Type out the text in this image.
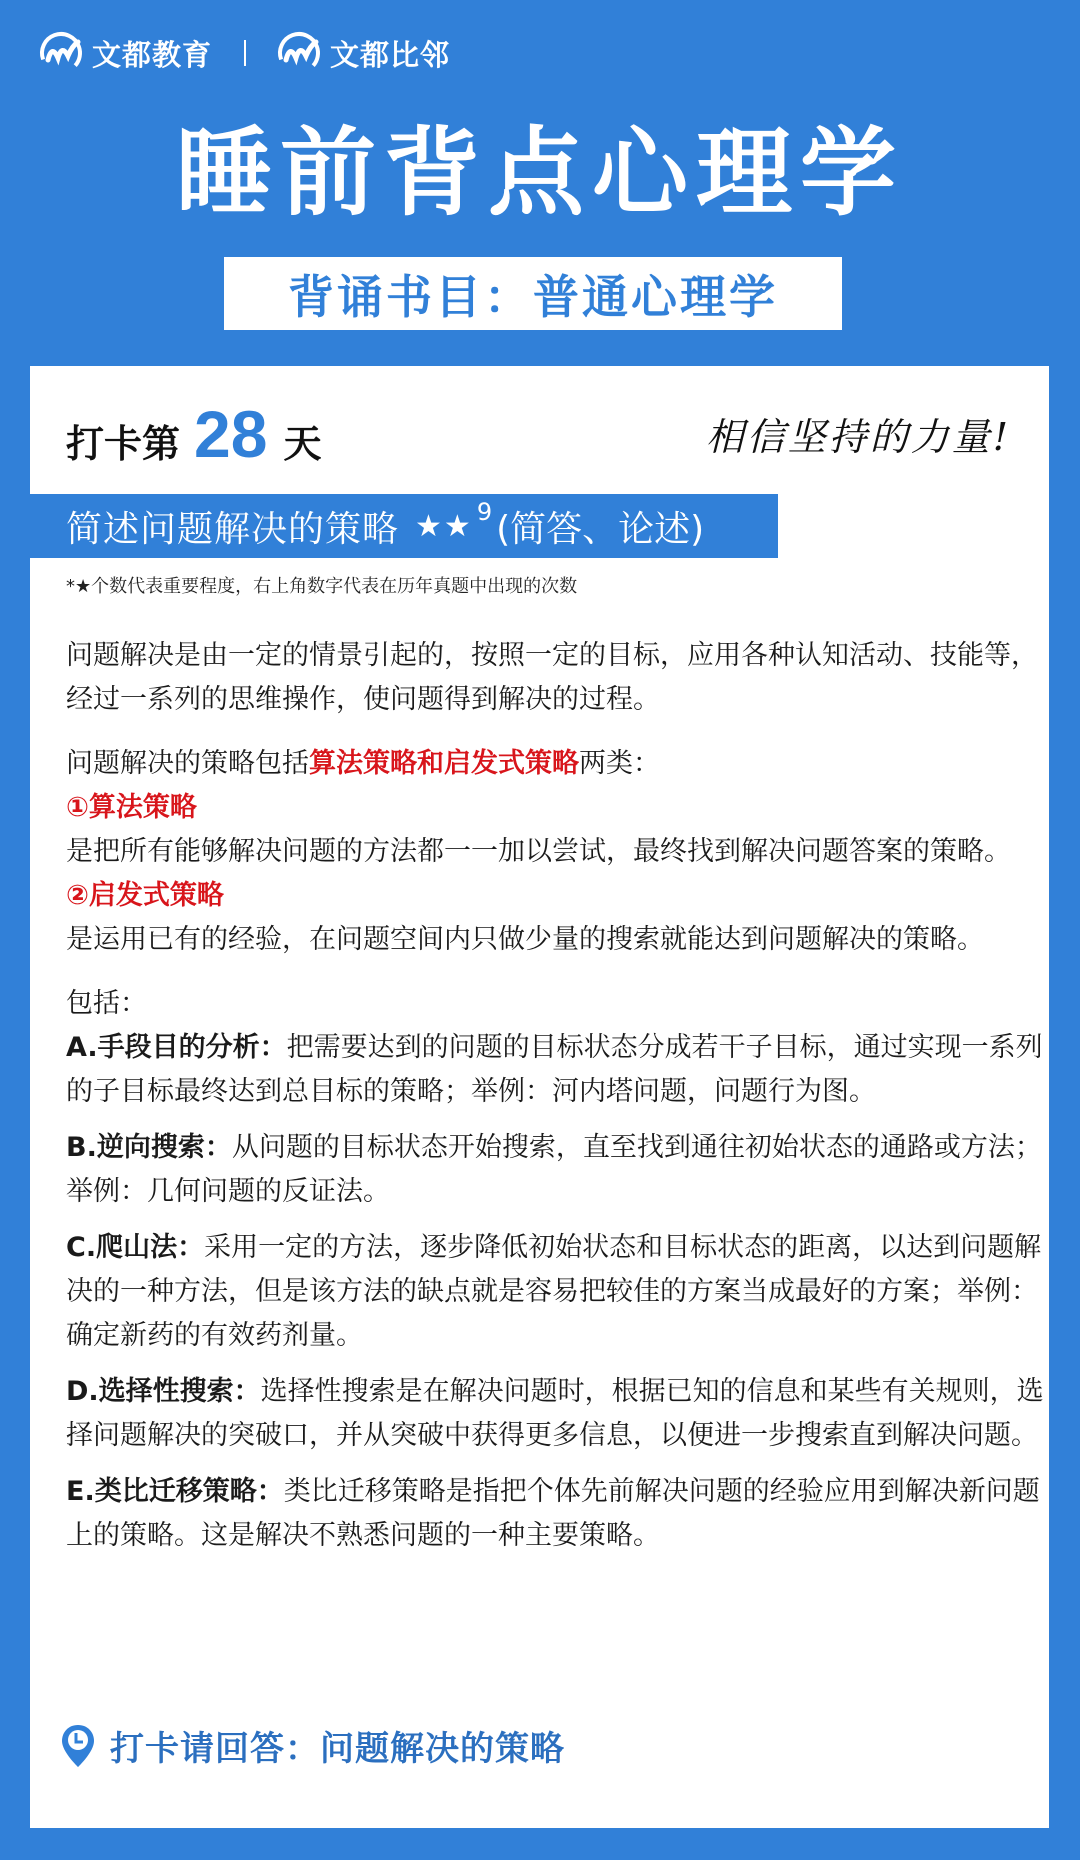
文都教育	文都比邻
睡前背点心理学
背诵书目：普通心理学
打卡第 28 天	相信坚持的力量!
简述问题解决的策略 ★★ 9 (简答、论述)
*★个数代表重要程度，右上角数字代表在历年真题中出现的次数

问题解决是由一定的情景引起的，按照一定的目标，应用各种认知活动、技能等，经过一系列的思维操作，使问题得到解决的过程。

问题解决的策略包括算法策略和启发式策略两类：

①算法策略

是把所有能够解决问题的方法都一一加以尝试，最终找到解决问题答案的策略。

②启发式策略

是运用已有的经验，在问题空间内只做少量的搜索就能达到问题解决的策略。

包括：

A.手段目的分析：把需要达到的问题的目标状态分成若干子目标，通过实现一系列的子目标最终达到总目标的策略；举例：河内塔问题，问题行为图。

B.逆向搜索：从问题的目标状态开始搜索，直至找到通往初始状态的通路或方法；举例：几何问题的反证法。

C.爬山法：采用一定的方法，逐步降低初始状态和目标状态的距离，以达到问题解决的一种方法，但是该方法的缺点就是容易把较佳的方案当成最好的方案；举例：确定新药的有效药剂量。

D.选择性搜索：选择性搜索是在解决问题时，根据已知的信息和某些有关规则，选择问题解决的突破口，并从突破中获得更多信息，以便进一步搜索直到解决问题。

E.类比迁移策略：类比迁移策略是指把个体先前解决问题的经验应用到解决新问题上的策略。这是解决不熟悉问题的一种主要策略。

打卡请回答：问题解决的策略
